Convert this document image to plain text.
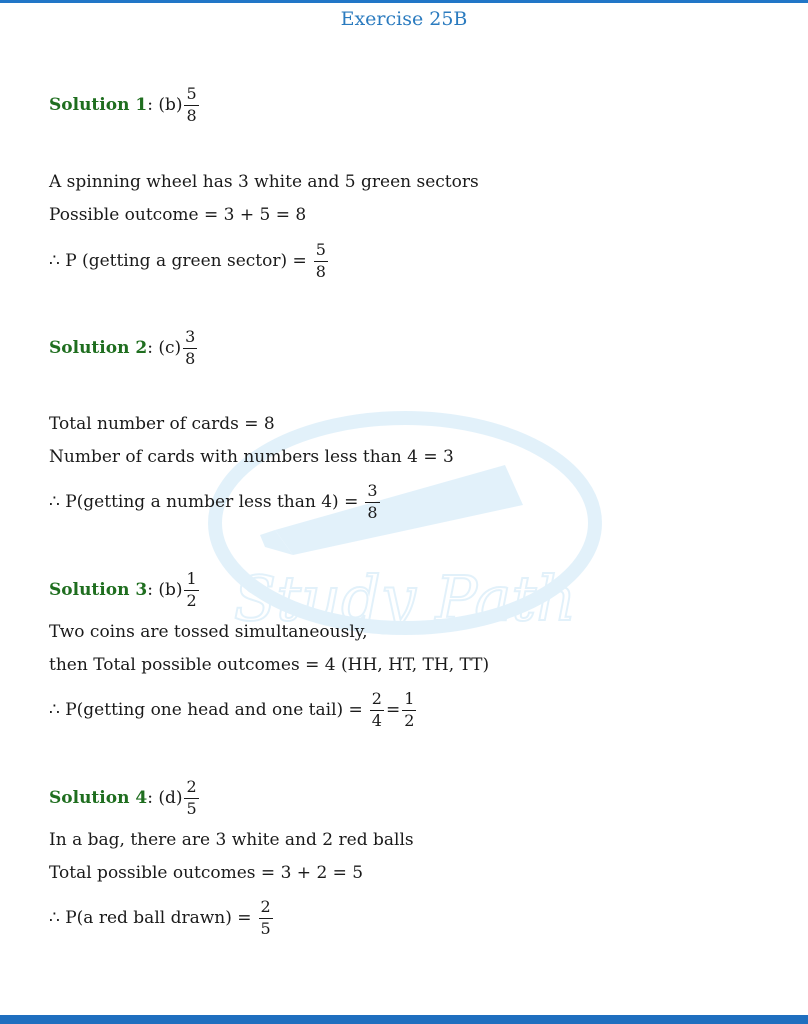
Exercise 25B
Study Path
Solution 1 : $(b) \frac{5}{8}$
A spinning wheel has 3 white and 5 green sectors
Possible outcome = 3 + 5 = 8
∴ P (getting a green sector) = $\frac{5}{8}$
Solution 2 : $(c) \frac{3}{8}$
Total number of cards = 8
Number of cards with numbers less than 4 = 3
∴ P(getting a number less than $4) = \frac{3}{8}$
Solution 3 : $(b) \frac{1}{2}$
Two coins are tossed simultaneously,
then Total possible outcomes = 4 (HH, HT, TH, TT)
∴ P(getting one head and one tail) = $\frac{2}{4} = \frac{1}{2}$
Solution 4 : $(d) \frac{2}{5}$
In a bag, there are 3 white and 2 red balls
Total possible outcomes = 3 + 2 = 5
∴ P(a red ball drawn) = $\frac{2}{5}$
